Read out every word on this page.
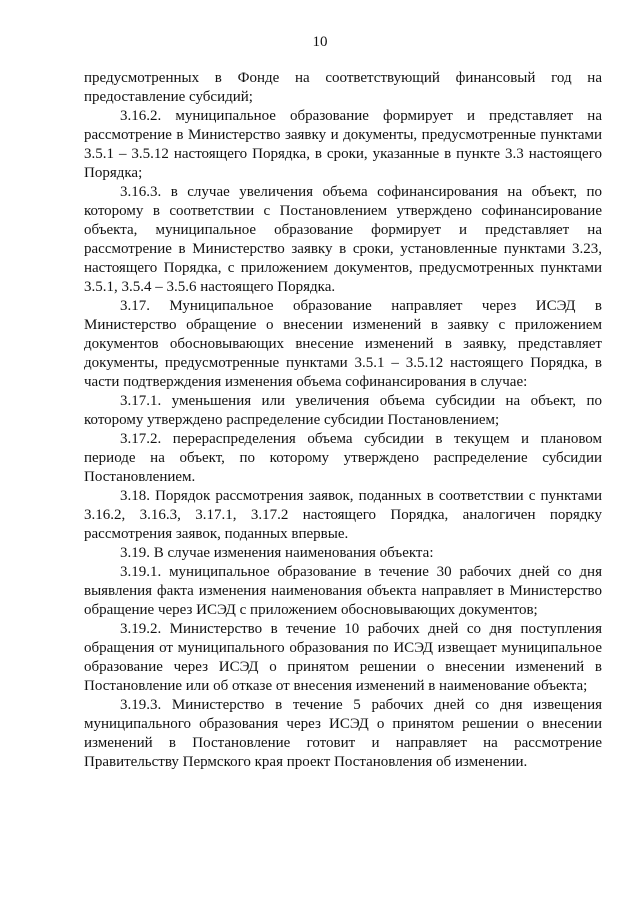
10

предусмотренных в Фонде на соответствующий финансовый год на предоставление субсидий;

3.16.2. муниципальное образование формирует и представляет на рассмотрение в Министерство заявку и документы, предусмотренные пунктами 3.5.1 – 3.5.12 настоящего Порядка, в сроки, указанные в пункте 3.3 настоящего Порядка;

3.16.3. в случае увеличения объема софинансирования на объект, по которому в соответствии с Постановлением утверждено софинансирование объекта, муниципальное образование формирует и представляет на рассмотрение в Министерство заявку в сроки, установленные пунктами 3.23, настоящего Порядка, с приложением документов, предусмотренных пунктами 3.5.1, 3.5.4 – 3.5.6 настоящего Порядка.

3.17. Муниципальное образование направляет через ИСЭД в Министерство обращение о внесении изменений в заявку с приложением документов обосновывающих внесение изменений в заявку, представляет документы, предусмотренные пунктами 3.5.1 – 3.5.12 настоящего Порядка, в части подтверждения изменения объема софинансирования в случае:

3.17.1. уменьшения или увеличения объема субсидии на объект, по которому утверждено распределение субсидии Постановлением;

3.17.2. перераспределения объема субсидии в текущем и плановом периоде на объект, по которому утверждено распределение субсидии Постановлением.

3.18. Порядок рассмотрения заявок, поданных в соответствии с пунктами 3.16.2, 3.16.3, 3.17.1, 3.17.2 настоящего Порядка, аналогичен порядку рассмотрения заявок, поданных впервые.

3.19. В случае изменения наименования объекта:

3.19.1. муниципальное образование в течение 30 рабочих дней со дня выявления факта изменения наименования объекта направляет в Министерство обращение через ИСЭД с приложением обосновывающих документов;

3.19.2. Министерство в течение 10 рабочих дней со дня поступления обращения от муниципального образования по ИСЭД извещает муниципальное образование через ИСЭД о принятом решении о внесении изменений в Постановление или об отказе от внесения изменений в наименование объекта;

3.19.3. Министерство в течение 5 рабочих дней со дня извещения муниципального образования через ИСЭД о принятом решении о внесении изменений в Постановление готовит и направляет на рассмотрение Правительству Пермского края проект Постановления об изменении.
